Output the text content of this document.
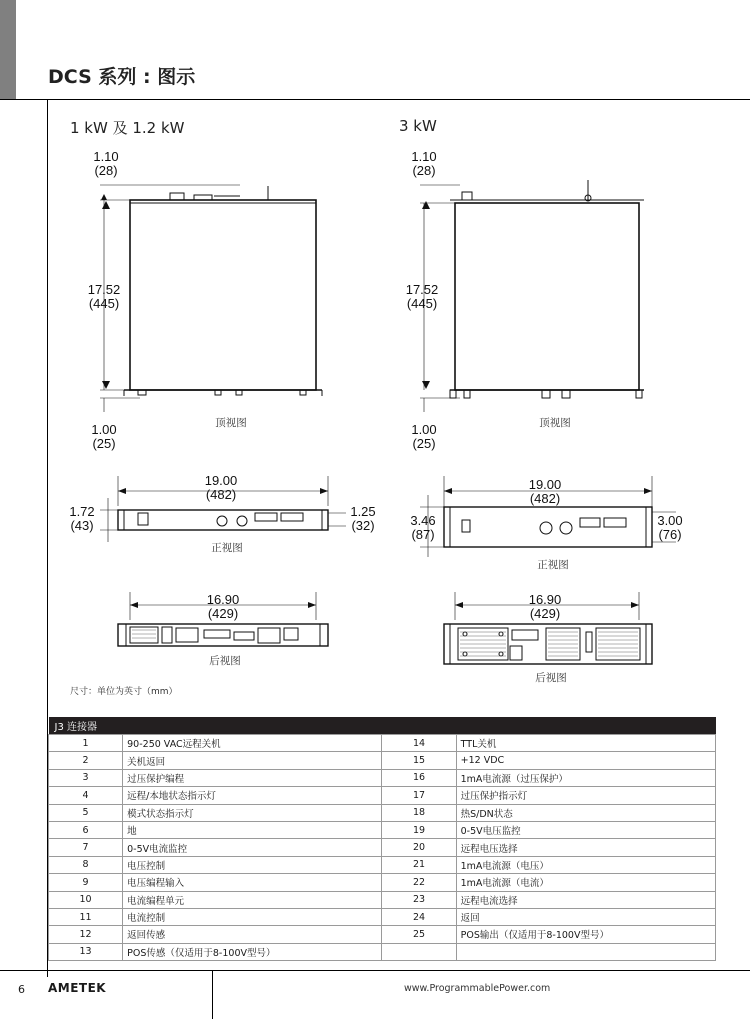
DCS 系列 : 图示
1 kW 及 1.2 kW	3 kW
1.10
(28)
17.52
(445)
1.00
(25)
顶视图
1.10
(28)
17.52
(445)
1.00
(25)
顶视图
19.00
(482)
1.72
(43)
1.25
(32)
正视图
19.00
(482)
3.46
(87)
3.00
(76)
正视图
16.90
(429)
后视图
16.90
(429)
后视图
尺寸：单位为英寸（mm）
J3 连接器			
1	90-250 VAC远程关机	14	TTL关机
2	关机返回	15	+12 VDC
3	过压保护编程	16	1mA电流源（过压保护）
4	远程/本地状态指示灯	17	过压保护指示灯
5	模式状态指示灯	18	热S/DN状态
6	地	19	0-5V电压监控
7	0-5V电流监控	20	远程电压选择
8	电压控制	21	1mA电流源（电压）
9	电压编程输入	22	1mA电流源（电流）
10	电流编程单元	23	远程电流选择
11	电流控制	24	返回
12	返回传感	25	POS输出（仅适用于8-100V型号）
13	POS传感（仅适用于8-100V型号）		
6 AMETEK	www.ProgrammablePower.com
